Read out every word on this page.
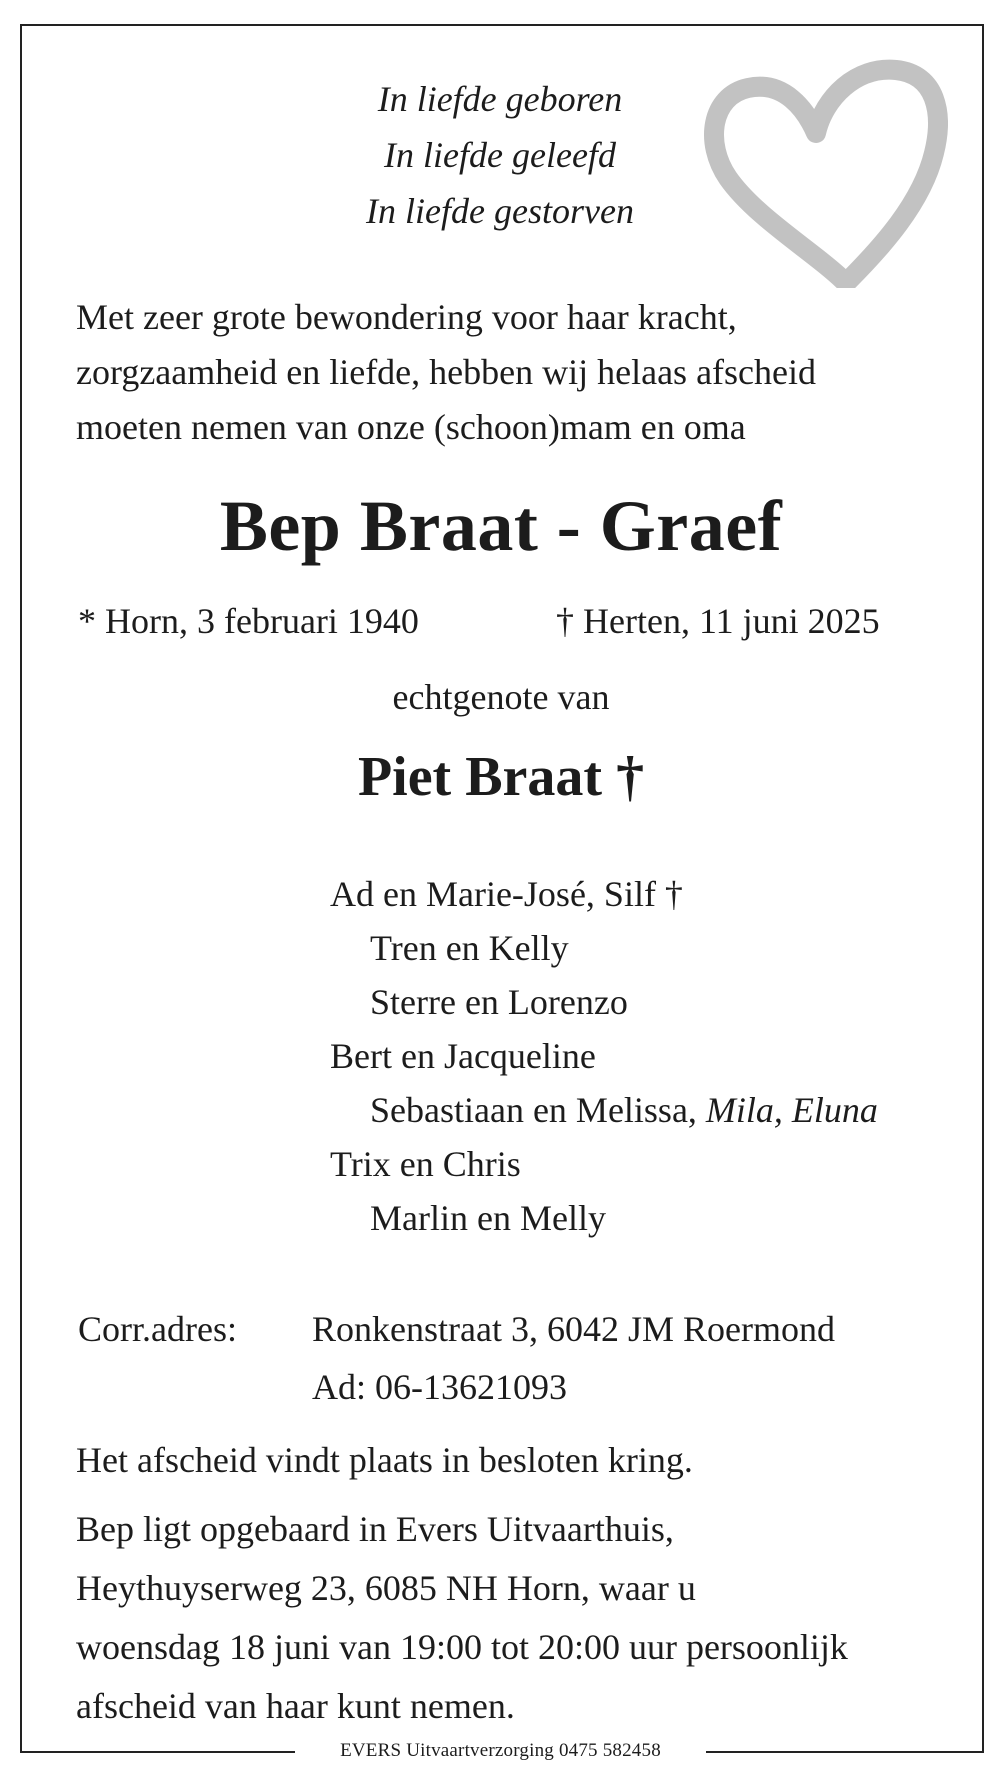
EVERS Uitvaartverzorging 0475 582458
In liefde geboren
In liefde geleefd
In liefde gestorven
Met zeer grote bewondering voor haar kracht,
zorgzaamheid en liefde, hebben wij helaas afscheid
moeten nemen van onze (schoon)mam en oma
Bep Braat - Graef
* Horn, 3 februari 1940	† Herten, 11 juni 2025
echtgenote van
Piet Braat †
Ad en Marie-José, Silf †
Tren en Kelly
Sterre en Lorenzo
Bert en Jacqueline
Sebastiaan en Melissa, Mila, Eluna
Trix en Chris
Marlin en Melly
Corr.adres: Ronkenstraat 3, 6042 JM Roermond
Ad: 06-13621093
Het afscheid vindt plaats in besloten kring.
Bep ligt opgebaard in Evers Uitvaarthuis,
Heythuyserweg 23, 6085 NH Horn, waar u
woensdag 18 juni van 19:00 tot 20:00 uur persoonlijk
afscheid van haar kunt nemen.
